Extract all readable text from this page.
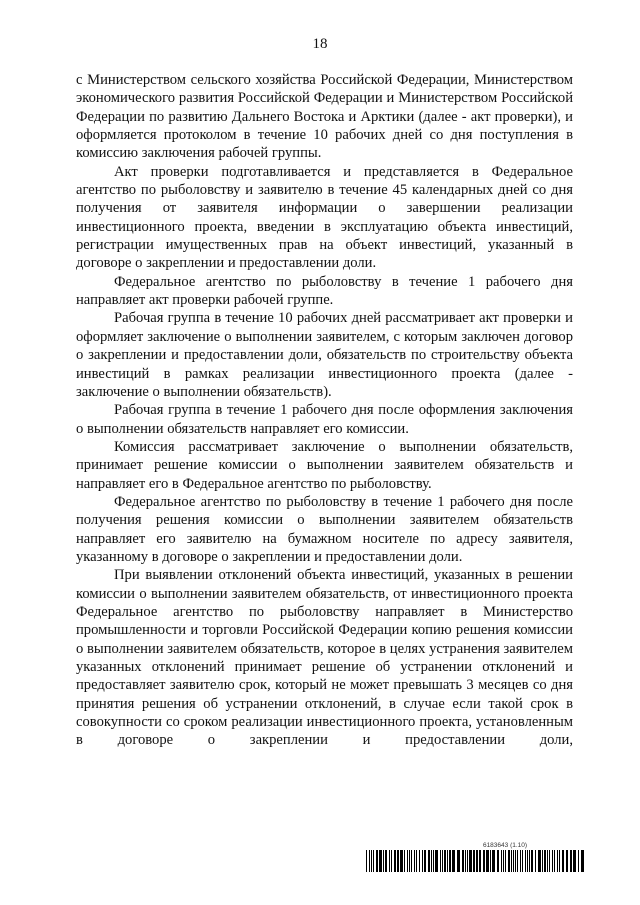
18

с Министерством сельского хозяйства Российской Федерации, Министерством экономического развития Российской Федерации и Министерством Российской Федерации по развитию Дальнего Востока и Арктики (далее - акт проверки), и оформляется протоколом в течение 10 рабочих дней со дня поступления в комиссию заключения рабочей группы.

Акт проверки подготавливается и представляется в Федеральное агентство по рыболовству и заявителю в течение 45 календарных дней со дня получения от заявителя информации о завершении реализации инвестиционного проекта, введении в эксплуатацию объекта инвестиций, регистрации имущественных прав на объект инвестиций, указанный в договоре о закреплении и предоставлении доли.

Федеральное агентство по рыболовству в течение 1 рабочего дня направляет акт проверки рабочей группе.

Рабочая группа в течение 10 рабочих дней рассматривает акт проверки и оформляет заключение о выполнении заявителем, с которым заключен договор о закреплении и предоставлении доли, обязательств по строительству объекта инвестиций в рамках реализации инвестиционного проекта (далее - заключение о выполнении обязательств).

Рабочая группа в течение 1 рабочего дня после оформления заключения о выполнении обязательств направляет его комиссии.

Комиссия рассматривает заключение о выполнении обязательств, принимает решение комиссии о выполнении заявителем обязательств и направляет его в Федеральное агентство по рыболовству.

Федеральное агентство по рыболовству в течение 1 рабочего дня после получения решения комиссии о выполнении заявителем обязательств направляет его заявителю на бумажном носителе по адресу заявителя, указанному в договоре о закреплении и предоставлении доли.

При выявлении отклонений объекта инвестиций, указанных в решении комиссии о выполнении заявителем обязательств, от инвестиционного проекта Федеральное агентство по рыболовству направляет в Министерство промышленности и торговли Российской Федерации копию решения комиссии о выполнении заявителем обязательств, которое в целях устранения заявителем указанных отклонений принимает решение об устранении отклонений и предоставляет заявителю срок, который не может превышать 3 месяцев со дня принятия решения об устранении отклонений, в случае если такой срок в совокупности со сроком реализации инвестиционного проекта, установленным в договоре о закреплении и предоставлении доли,

6183643 (1.10)
